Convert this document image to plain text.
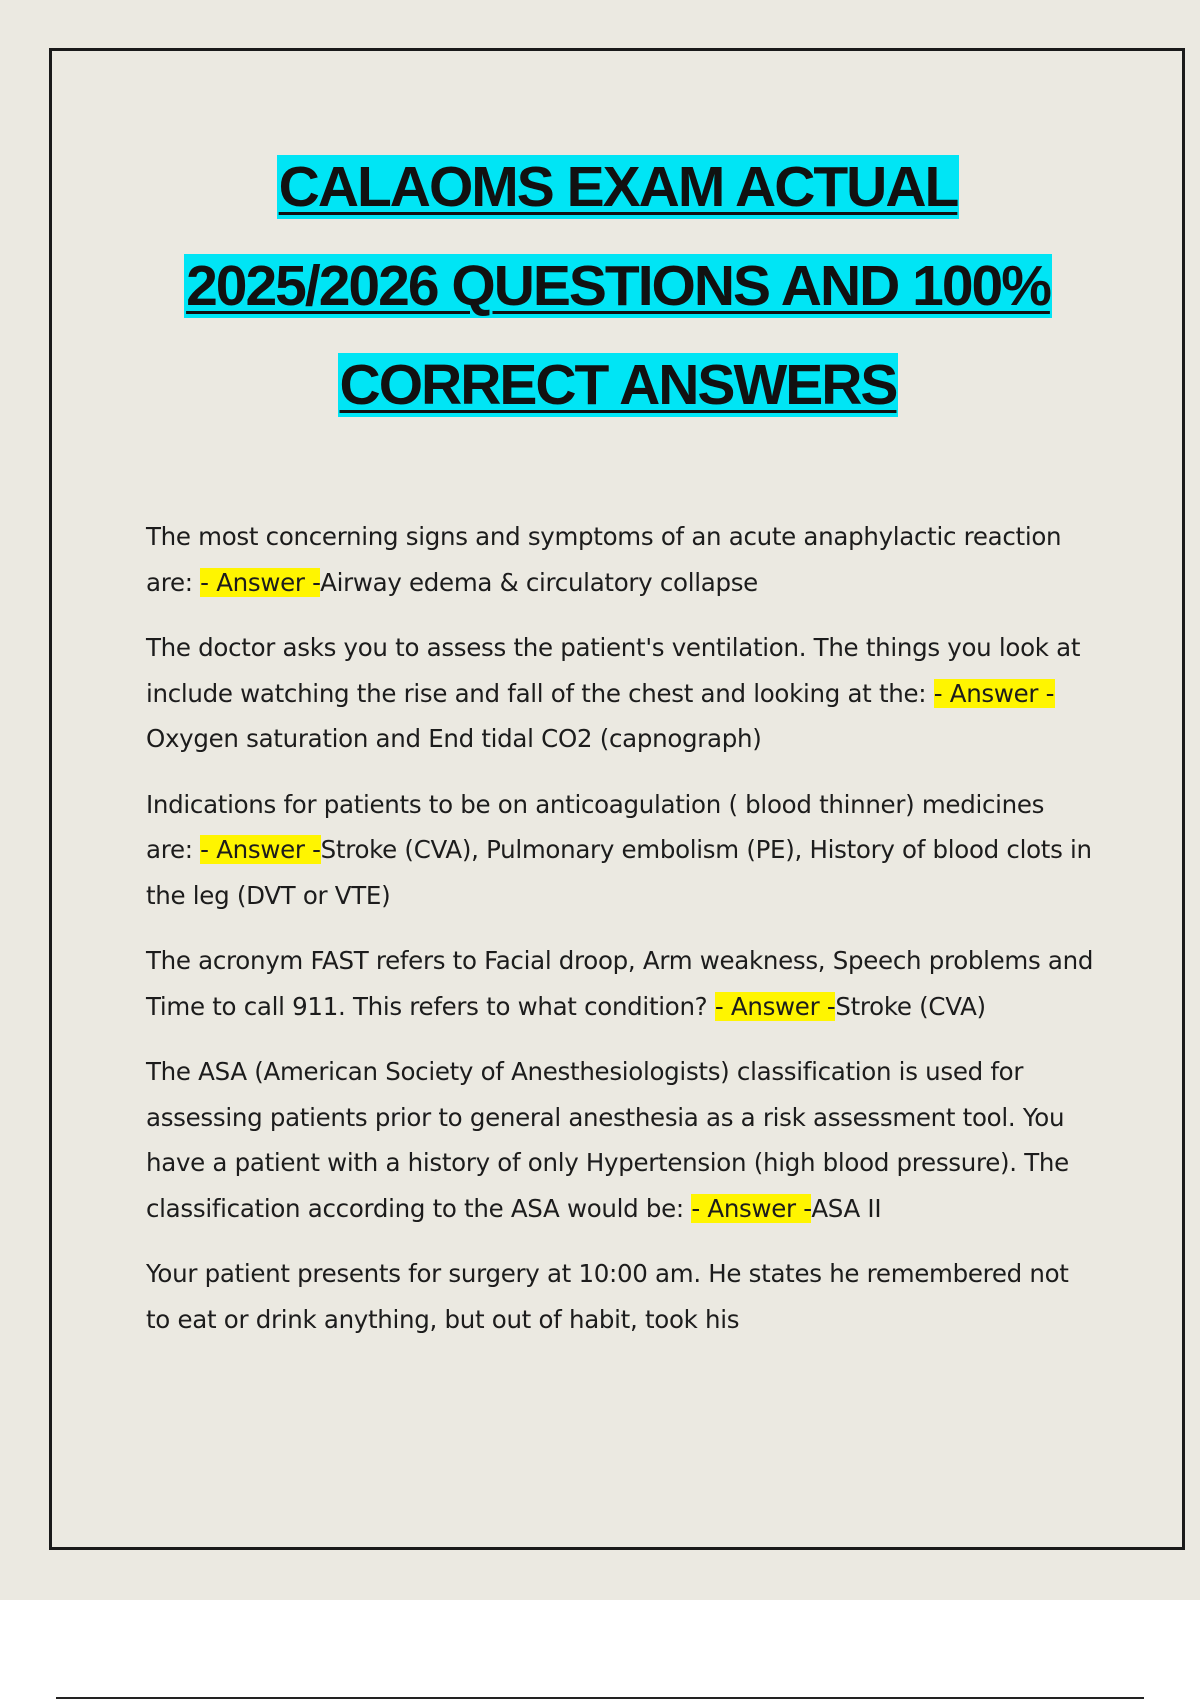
CALAOMS EXAM ACTUAL
2025/2026 QUESTIONS AND 100%
CORRECT ANSWERS

The most concerning signs and symptoms of an acute anaphylactic reaction are: - Answer -Airway edema & circulatory collapse

The doctor asks you to assess the patient's ventilation. The things you look at include watching the rise and fall of the chest and looking at the: - Answer -Oxygen saturation and End tidal CO2 (capnograph)

Indications for patients to be on anticoagulation ( blood thinner) medicines are: - Answer -Stroke (CVA), Pulmonary embolism (PE), History of blood clots in the leg (DVT or VTE)

The acronym FAST refers to Facial droop, Arm weakness, Speech problems and Time to call 911. This refers to what condition? - Answer -Stroke (CVA)

The ASA (American Society of Anesthesiologists) classification is used for assessing patients prior to general anesthesia as a risk assessment tool. You have a patient with a history of only Hypertension (high blood pressure). The classification according to the ASA would be: - Answer -ASA II

Your patient presents for surgery at 10:00 am. He states he remembered not to eat or drink anything, but out of habit, took his
